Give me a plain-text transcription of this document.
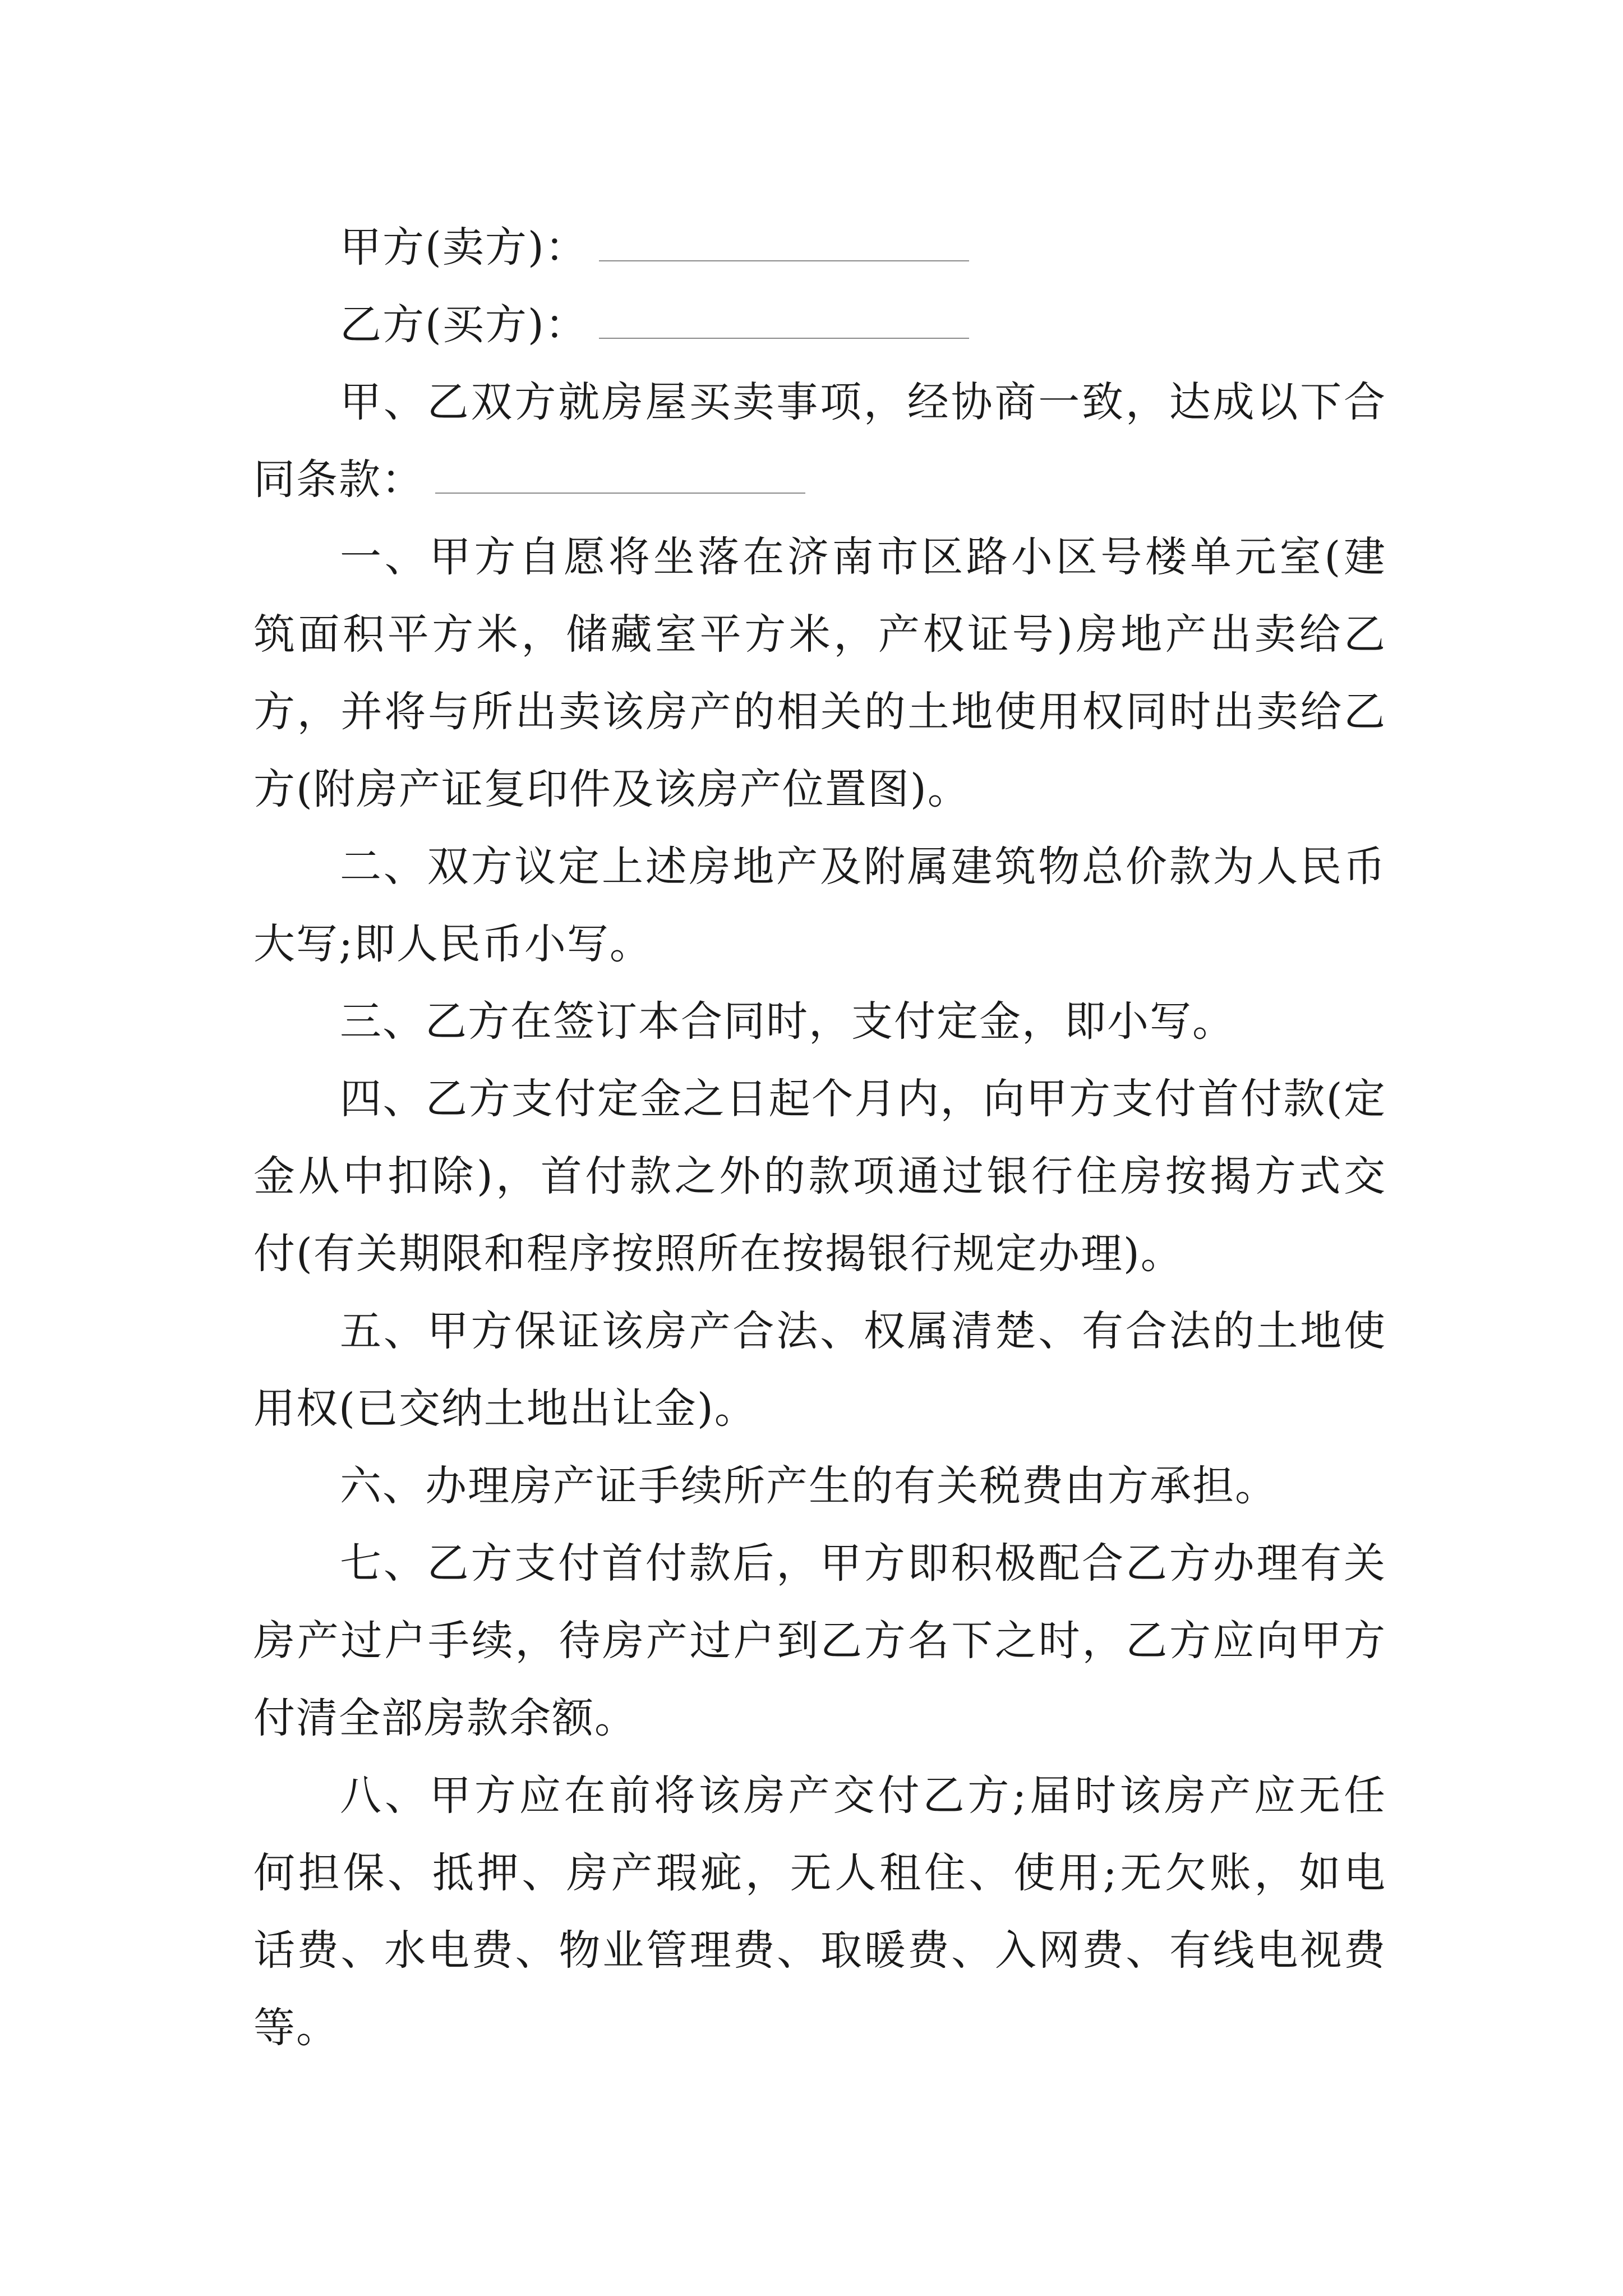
甲方(卖方)：
乙方(买方)：
甲、乙双方就房屋买卖事项，经协商一致，达成以下合
同条款：
一、甲方自愿将坐落在济南市区路小区号楼单元室(建
筑面积平方米，储藏室平方米，产权证号)房地产出卖给乙
方，并将与所出卖该房产的相关的土地使用权同时出卖给乙
方(附房产证复印件及该房产位置图)。
二、双方议定上述房地产及附属建筑物总价款为人民币
大写;即人民币小写。
三、乙方在签订本合同时，支付定金，即小写。
四、乙方支付定金之日起个月内，向甲方支付首付款(定
金从中扣除)，首付款之外的款项通过银行住房按揭方式交
付(有关期限和程序按照所在按揭银行规定办理)。
五、甲方保证该房产合法、权属清楚、有合法的土地使
用权(已交纳土地出让金)。
六、办理房产证手续所产生的有关税费由方承担。
七、乙方支付首付款后，甲方即积极配合乙方办理有关
房产过户手续，待房产过户到乙方名下之时，乙方应向甲方
付清全部房款余额。
八、甲方应在前将该房产交付乙方;届时该房产应无任
何担保、抵押、房产瑕疵，无人租住、使用;无欠账，如电
话费、水电费、物业管理费、取暖费、入网费、有线电视费
等。
